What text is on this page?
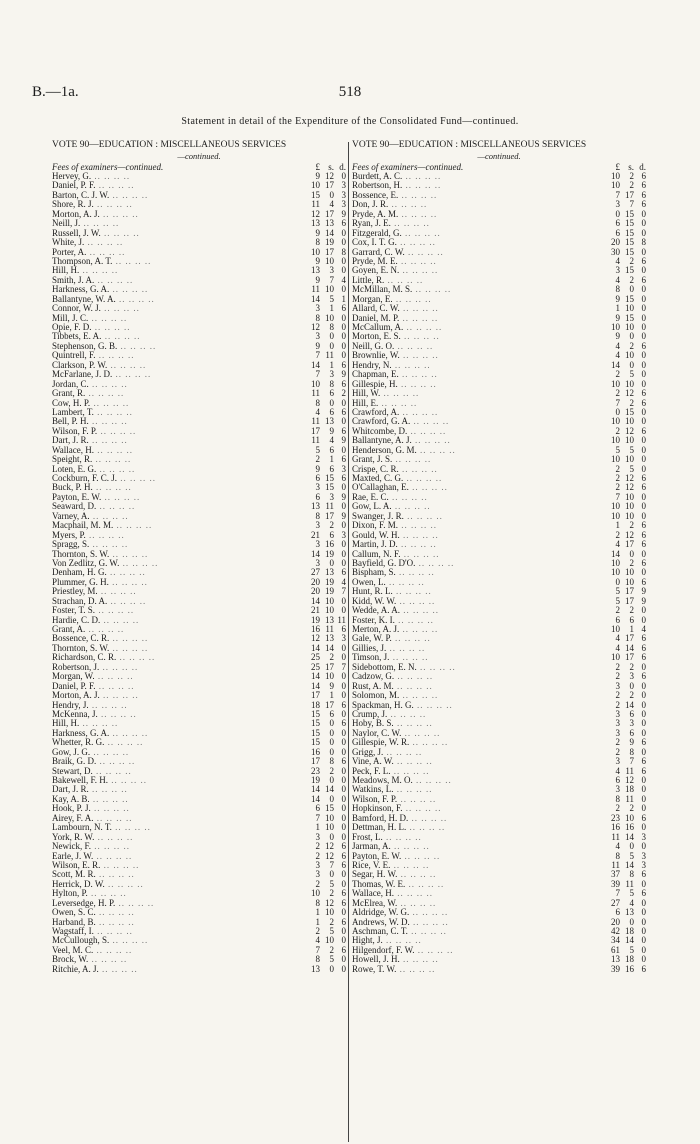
B.—1a.	518
Statement in detail of the Expenditure of the Consolidated Fund—continued.
VOTE 90—EDUCATION : MISCELLANEOUS SERVICES
—continued.
Fees of examiners—continued.	£ s. d.
Hervey, G. .. .. .. ..	9 12 0
Daniel, P. F. .. .. .. ..	10 17 3
Barton, C. J. W. .. .. .. ..	15	0 3
Shore, R. J. .. .. .. ..	11	4 3
Morton, A. J. .. .. .. ..	12 17 9
Neill, J. .. .. .. ..	13 13 6
Russell, J. W. .. .. .. ..	9 14 0
White, J. .. .. .. ..	8 19 0
Porter, A. .. .. .. ..	10 17 8
Thompson, A. T. .. .. .. ..	9 10 0
Hill, H. .. .. .. ..	13	3 0
Smith, J. A. .. .. .. ..	9	7 4
Harkness, G. A. .. .. .. ..	11 10 0
Ballantyne, W. A. .. .. .. ..	14	5 1
Connor, W. J. .. .. .. ..	3	1 6
Mill, J. C. .. .. .. ..	8 10 0
Opie, F. D. .. .. .. ..	12	8 0
Tibbets, E. A. .. .. .. ..	3	0 0
Stephenson, G. B. .. .. .. ..	9	0 0
Quintrell, F. .. .. .. ..	7 11 0
Clarkson, P. W. .. .. .. ..	14	1 6
McFarlane, J. D. .. .. .. ..	7	3 9
Jordan, C. .. .. .. ..	10	8 6
Grant, R. .. .. .. ..	11	6 2
Cow, H. P. .. .. .. ..	8	0 0
Lambert, T. .. .. .. ..	4	6 6
Bell, P. H. .. .. .. ..	11 13 0
Wilson, F. P. .. .. .. ..	17	9 6
Dart, J. R. .. .. .. ..	11	4 9
Wallace, H. .. .. .. ..	5	6 0
Speight, R. .. .. .. ..	2	1 6
Loten, E. G. .. .. .. ..	9	6 3
Cockburn, F. C. J. .. .. .. ..	6 15 6
Buck, P. H. .. .. .. ..	3 15 0
Payton, E. W. .. .. .. ..	6	3 9
Seaward, D. .. .. .. ..	13 11 0
Varney, A. .. .. .. ..	8 17 9
Macphail, M. M. .. .. .. ..	3	2 0
Myers, P. .. .. .. ..	21	6 3
Spragg, S. .. .. .. ..	3 16 0
Thornton, S. W. .. .. .. ..	14 19 0
Von Zedlitz, G. W. .. .. .. ..	3	0 0
Denham, H. G. .. .. .. ..	27 13 6
Plummer, G. H. .. .. .. ..	20 19 4
Priestley, M. .. .. .. ..	20 19 7
Strachan, D. A. .. .. .. ..	14 10 0
Foster, T. S. .. .. .. ..	21 10 0
Hardie, C. D. .. .. .. ..	19 13 11
Grant, A. .. .. .. ..	16 11 6
Bossence, C. R. .. .. .. ..	12 13 3
Thornton, S. W. .. .. .. ..	14 14 0
Richardson, C. R. .. .. .. ..	25	2 0
Robertson, J. .. .. .. ..	25 17 7
Morgan, W. .. .. .. ..	14 10 0
Daniel, P. F. .. .. .. ..	14	9 0
Morton, A. J. .. .. .. ..	17	1 0
Hendry, J. .. .. .. ..	18 17 6
McKenna, J. .. .. .. ..	15	6 0
Hill, H. .. .. .. ..	15	0 6
Harkness, G. A. .. .. .. ..	15	0 0
Whetter, R. G. .. .. .. ..	15	0 0
Gow, J. G. .. .. .. ..	16	0 0
Braik, G. D. .. .. .. ..	17	8 6
Stewart, D. .. .. .. ..	23	2 0
Bakewell, F. H. .. .. .. ..	19	0 0
Dart, J. R. .. .. .. ..	14 14 0
Kay, A. B. .. .. .. ..	14	0 0
Hook, P. J. .. .. .. ..	6 15 0
Airey, F. A. .. .. .. ..	7 10 0
Lambourn, N. T. .. .. .. ..	1 10 0
York, R. W. .. .. .. ..	3	0 0
Newick, F. .. .. .. ..	2 12 6
Earle, J. W. .. .. .. ..	2 12 6
Wilson, E. R. .. .. .. ..	3	7 6
Scott, M. R. .. .. .. ..	3	0 0
Herrick, D. W. .. .. .. ..	2	5 0
Hylton, P. .. .. .. ..	10	2 6
Leversedge, H. P. .. .. .. ..	8 12 6
Owen, S. C. .. .. .. ..	1 10 0
Harband, B. .. .. .. ..	1	2 6
Wagstaff, I. .. .. .. ..	2	5 0
McCullough, S. .. .. .. ..	4 10 0
Veel, M. C. .. .. .. ..	7	2 6
Brock, W. .. .. .. ..	8	5 0
Ritchie, A. J. .. .. .. ..	13	0 0
VOTE 90—EDUCATION : MISCELLANEOUS SERVICES
—continued.
Fees of examiners—continued.	£ s. d.
Burdett, A. C. .. .. .. ..	10	2 6
Robertson, H. .. .. .. ..	10	2 6
Bossence, E. .. .. .. ..	7 17 6
Don, J. R. .. .. .. ..	3	7 6
Pryde, A. M. .. .. .. ..	0 15 0
Ryan, J. E. .. .. .. ..	6 15 0
Fitzgerald, G. .. .. .. ..	6 15 0
Cox, I. T. G. .. .. .. ..	20 15 8
Garrard, C. W. .. .. .. ..	30 15 0
Pryde, M. E. .. .. .. ..	4	2 6
Goyen, E. N. .. .. .. ..	3 15 0
Little, R. .. .. .. ..	4	2 6
McMillan, M. S. .. .. .. ..	8	0 0
Morgan, E. .. .. .. ..	9 15 0
Allard, C. W. .. .. .. ..	1 10 0
Daniel, M. P. .. .. .. ..	9 15 0
McCallum, A. .. .. .. ..	10 10 0
Morton, E. S. .. .. .. ..	9	0 0
Neill, G. O. .. .. .. ..	4	2 6
Brownlie, W. .. .. .. ..	4 10 0
Hendry, N. .. .. .. ..	14	0 0
Chapman, E. .. .. .. ..	2	5 0
Gillespie, H. .. .. .. ..	10 10 0
Hill, W. .. .. .. ..	2 12 6
Hill, E. .. .. .. ..	7	2 6
Crawford, A. .. .. .. ..	0 15 0
Crawford, G. A. .. .. .. ..	10 10 0
Whitcombe, D. .. .. .. ..	2 12 6
Ballantyne, A. J. .. .. .. ..	10 10 0
Henderson, G. M. .. .. .. ..	5	5 0
Grant, J. S. .. .. .. ..	10 10 0
Crispe, C. R. .. .. .. ..	2	5 0
Maxted, C. G. .. .. .. ..	2 12 6
O'Callaghan, E. .. .. .. ..	2 12 6
Rae, E. C. .. .. .. ..	7 10 0
Gow, L. A. .. .. .. ..	10 10 0
Swanger, J. R. .. .. .. ..	10 10 0
Dixon, F. M. .. .. .. ..	1	2 6
Gould, W. H. .. .. .. ..	2 12 6
Martin, J. D. .. .. .. ..	4 17 6
Callum, N. F. .. .. .. ..	14	0 0
Bayfield, G. D'O. .. .. .. ..	10	2 6
Bispham, S. .. .. .. ..	10 10 0
Owen, L. .. .. .. ..	0 10 6
Hunt, R. L. .. .. .. ..	5 17 9
Kidd, W. W. .. .. .. ..	5 17 9
Wedde, A. A. .. .. .. ..	2	2 0
Foster, K. I. .. .. .. ..	6	6 0
Merton, A. J. .. .. .. ..	10	1 4
Gale, W. P. .. .. .. ..	4 17 6
Gillies, J. .. .. .. ..	4 14 6
Timson, J. .. .. .. ..	10 17 6
Sidebottom, E. N. .. .. .. ..	2	2 0
Cadzow, G. .. .. .. ..	2	3 6
Rust, A. M. .. .. .. ..	3	0 0
Solomon, M. .. .. .. ..	2	2 0
Spackman, H. G. .. .. .. ..	2 14 0
Crump, J. .. .. .. ..	3	6 0
Hoby, B. S. .. .. .. ..	3	3 0
Naylor, C. W. .. .. .. ..	3	6 0
Gillespie, W. R. .. .. .. ..	2	9 6
Grigg, J. .. .. .. ..	2	8 0
Vine, A. W. .. .. .. ..	3	7 6
Peck, F. L. .. .. .. ..	4 11 6
Meadows, M. O. .. .. .. ..	6 12 0
Watkins, L. .. .. .. ..	3 18 0
Wilson, F. P. .. .. .. ..	8 11 0
Hopkinson, F. .. .. .. ..	2	2 0
Bamford, H. D. .. .. .. ..	23 10 6
Dettman, H. L. .. .. .. ..	16 16 0
Frost, L. .. .. .. ..	11 14 3
Jarman, A. .. .. .. ..	4	0 0
Payton, E. W. .. .. .. ..	8	5 3
Rice, V. E. .. .. .. ..	11 14 3
Segar, H. W. .. .. .. ..	37	8 6
Thomas, W. E. .. .. .. ..	39 11 0
Wallace, H. .. .. .. ..	7	5 6
McElrea, W. .. .. .. ..	27	4 0
Aldridge, W. G. .. .. .. ..	6 13 0
Andrews, W. D. .. .. .. ..	20	0 0
Aschman, C. T. .. .. .. ..	42 18 0
Hight, J. .. .. .. ..	34 14 0
Hilgendorf, F. W. .. .. .. ..	61	5 0
Howell, J. H. .. .. .. ..	13 18 0
Rowe, T. W. .. .. .. ..	39 16 6
